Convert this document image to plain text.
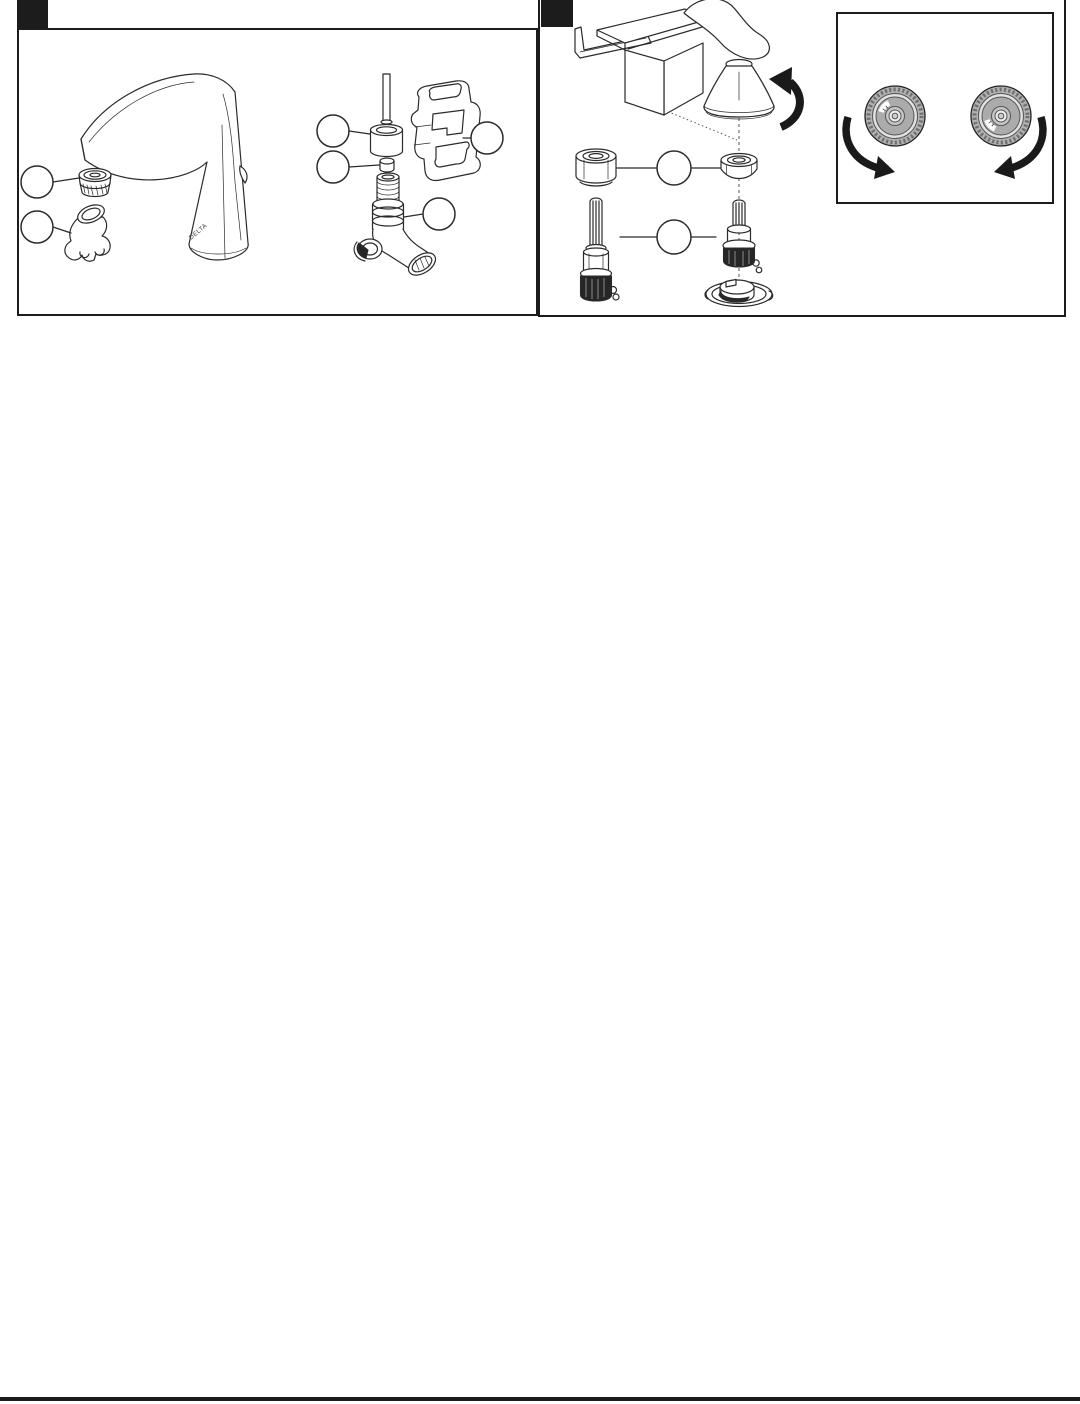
DELTA
